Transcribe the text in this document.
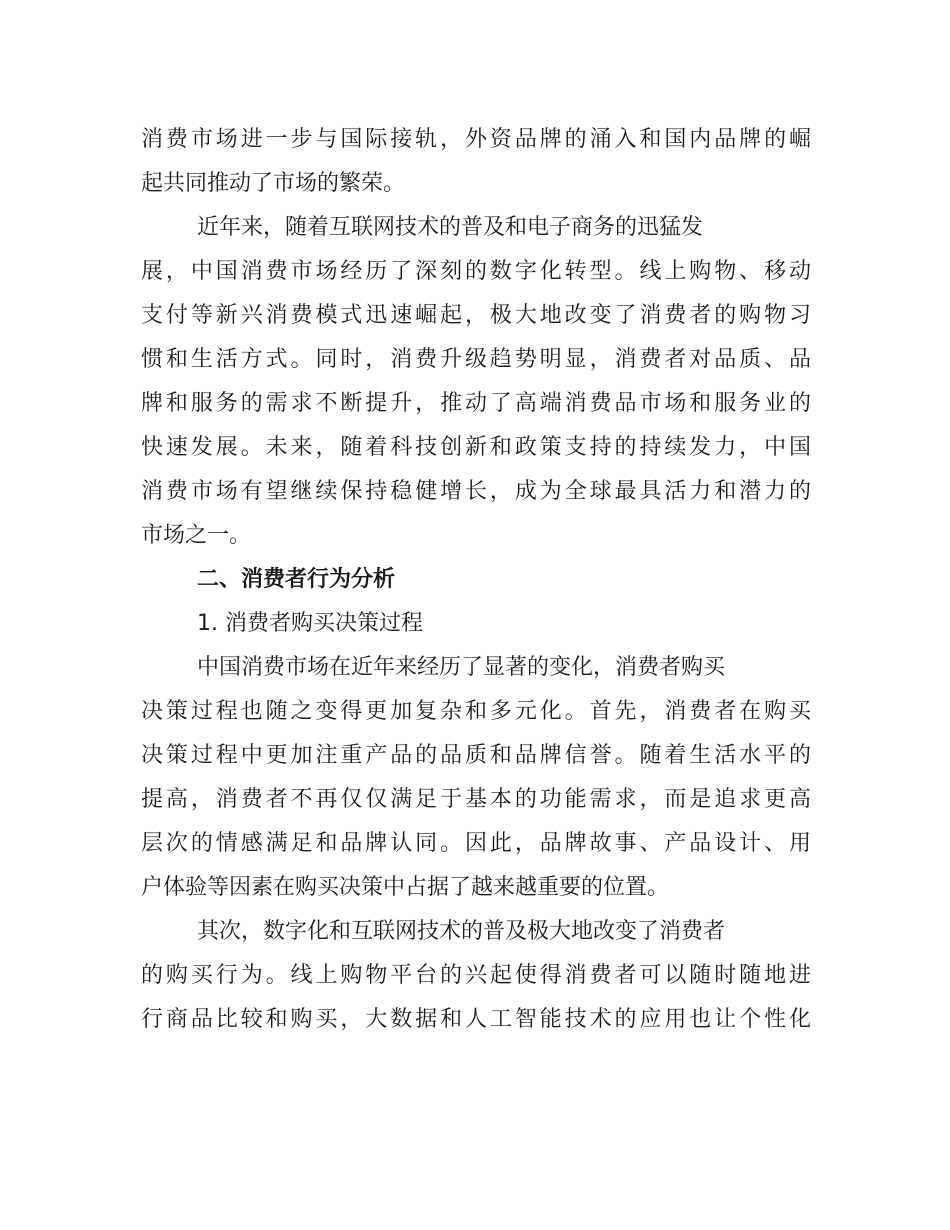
消费市场进一步与国际接轨，外资品牌的涌入和国内品牌的崛
起共同推动了市场的繁荣。
近年来，随着互联网技术的普及和电子商务的迅猛发
展，中国消费市场经历了深刻的数字化转型。线上购物、移动
支付等新兴消费模式迅速崛起，极大地改变了消费者的购物习
惯和生活方式。同时，消费升级趋势明显，消费者对品质、品
牌和服务的需求不断提升，推动了高端消费品市场和服务业的
快速发展。未来，随着科技创新和政策支持的持续发力，中国
消费市场有望继续保持稳健增长，成为全球最具活力和潜力的
市场之一。
二、消费者行为分析
1. 消费者购买决策过程
中国消费市场在近年来经历了显著的变化，消费者购买
决策过程也随之变得更加复杂和多元化。首先，消费者在购买
决策过程中更加注重产品的品质和品牌信誉。随着生活水平的
提高，消费者不再仅仅满足于基本的功能需求，而是追求更高
层次的情感满足和品牌认同。因此，品牌故事、产品设计、用
户体验等因素在购买决策中占据了越来越重要的位置。
其次，数字化和互联网技术的普及极大地改变了消费者
的购买行为。线上购物平台的兴起使得消费者可以随时随地进
行商品比较和购买，大数据和人工智能技术的应用也让个性化
